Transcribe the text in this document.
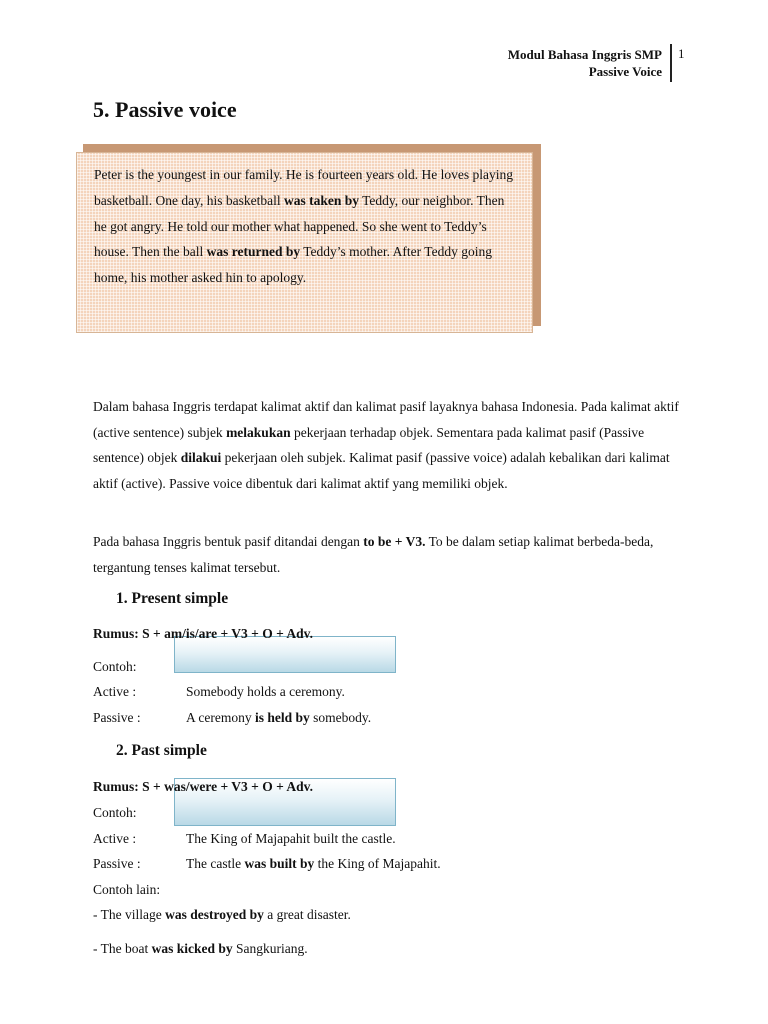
Modul Bahasa Inggris SMP
Passive Voice
1
5. Passive voice
Peter is the youngest in our family. He is fourteen years old. He loves playing basketball. One day, his basketball was taken by Teddy, our neighbor. Then he got angry. He told our mother what happened. So she went to Teddy’s house. Then the ball was returned by Teddy’s mother. After Teddy going home, his mother asked hin to apology.
Dalam bahasa Inggris terdapat kalimat aktif dan kalimat pasif layaknya bahasa Indonesia. Pada kalimat aktif (active sentence) subjek melakukan pekerjaan terhadap objek. Sementara pada kalimat pasif (Passive sentence) objek dilakui pekerjaan oleh subjek. Kalimat pasif (passive voice) adalah kebalikan dari kalimat aktif (active). Passive voice dibentuk dari kalimat aktif yang memiliki objek.
Pada bahasa Inggris bentuk pasif ditandai dengan to be + V3. To be dalam setiap kalimat berbeda-beda, tergantung tenses kalimat tersebut.
1. Present simple
Rumus: S + am/is/are + V3 + O + Adv.
Contoh:
Active :	Somebody holds a ceremony.
Passive :	A ceremony is held by somebody.
2. Past simple
Rumus: S + was/were + V3 + O + Adv.
Contoh:
Active :	The King of Majapahit built the castle.
Passive :	The castle was built by the King of Majapahit.
Contoh lain:
- The village was destroyed by a great disaster.
- The boat was kicked by Sangkuriang.
